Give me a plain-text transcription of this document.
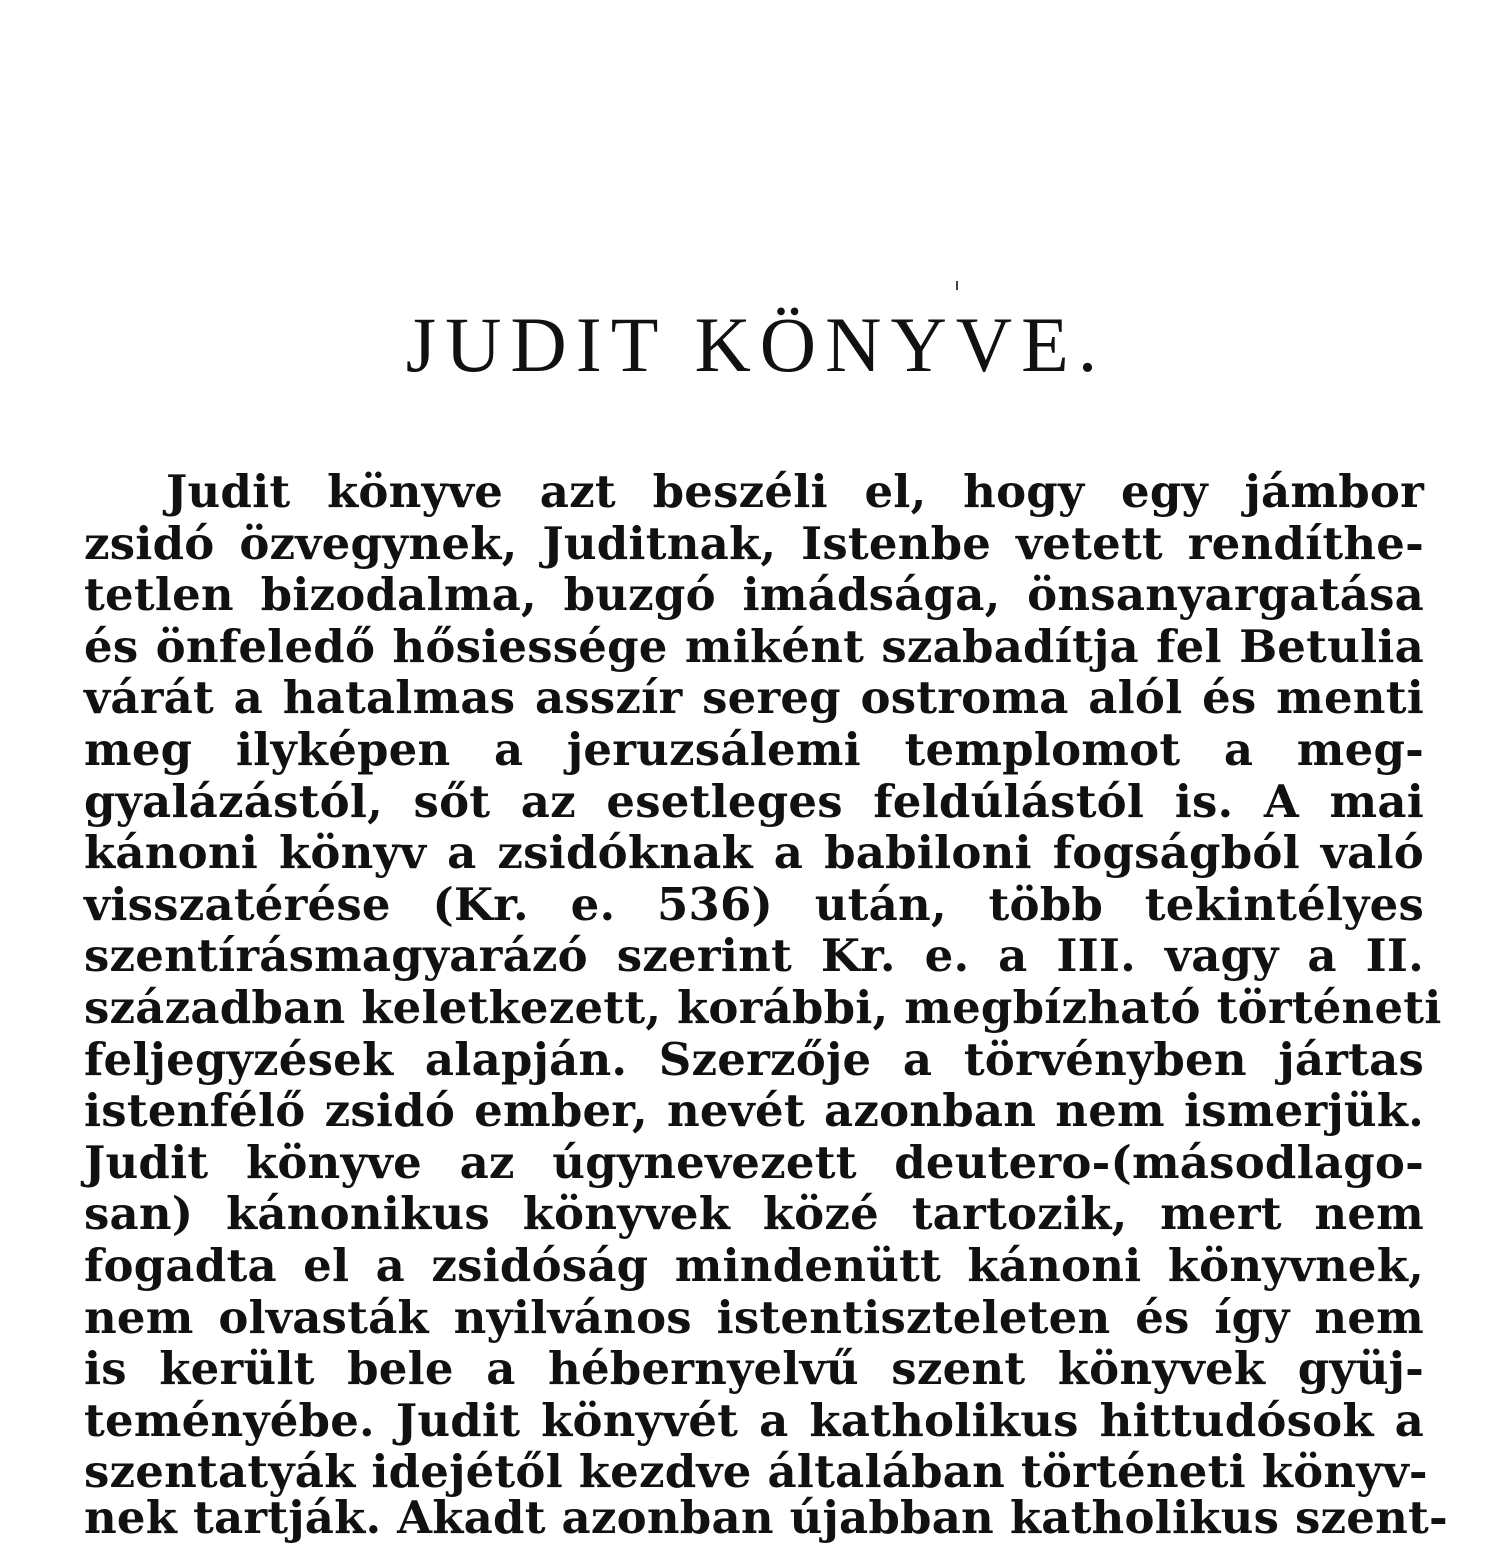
JUDIT KÖNYVE.
Judit könyve azt beszéli el, hogy egy jámbor
zsidó özvegynek, Juditnak, Istenbe vetett rendíthe-
tetlen bizodalma, buzgó imádsága, önsanyargatása
és önfeledő hősiessége miként szabadítja fel Betulia
várát a hatalmas asszír sereg ostroma alól és menti
meg ilyképen a jeruzsálemi templomot a meg-
gyalázástól, sőt az esetleges feldúlástól is. A mai
kánoni könyv a zsidóknak a babiloni fogságból való
visszatérése (Kr. e. 536) után, több tekintélyes
szentírásmagyarázó szerint Kr. e. a III. vagy a II.
században keletkezett, korábbi, megbízható történeti
feljegyzések alapján. Szerzője a törvényben jártas
istenfélő zsidó ember, nevét azonban nem ismerjük.
Judit könyve az úgynevezett deutero-(másodlago-
san) kánonikus könyvek közé tartozik, mert nem
fogadta el a zsidóság mindenütt kánoni könyvnek,
nem olvasták nyilvános istentiszteleten és így nem
is került bele a hébernyelvű szent könyvek gyüj-
teményébe. Judit könyvét a katholikus hittudósok a
szentatyák idejétől kezdve általában történeti könyv-
nek tartják. Akadt azonban újabban katholikus szent-
